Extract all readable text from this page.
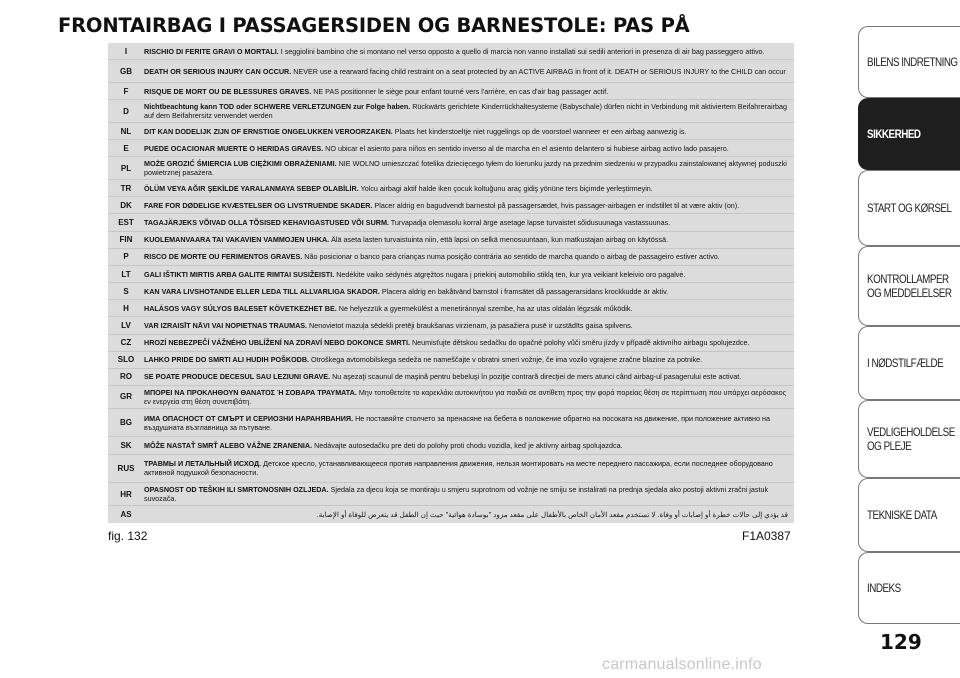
FRONTAIRBAG I PASSAGERSIDEN OG BARNESTOLE: PAS PÅ
I	RISCHIO DI FERITE GRAVI O MORTALI. I seggiolini bambino che si montano nel verso opposto a quello di marcia non vanno installati sui sedili anteriori in presenza di air bag passeggero attivo.
GB	DEATH OR SERIOUS INJURY CAN OCCUR. NEVER use a rearward facing child restraint on a seat protected by an ACTIVE AIRBAG in front of it. DEATH or SERIOUS INJURY to the CHILD can occur
F	RISQUE DE MORT OU DE BLESSURES GRAVES. NE PAS positionner le siège pour enfant tourné vers l'arrière, en cas d'air bag passager actif.
D	Nichtbeachtung kann TOD oder SCHWERE VERLETZUNGEN zur Folge haben. Rückwärts gerichtete Kinderrückhaltesysteme (Babyschale) dürfen nicht in Verbindung mit aktiviertem Beifahrerairbag auf dem Beifahrersitz verwendet werden
NL	DIT KAN DODELIJK ZIJN OF ERNSTIGE ONGELUKKEN VEROORZAKEN. Plaats het kinderstoeltje niet ruggelings op de voorstoel wanneer er een airbag aanwezig is.
E	PUEDE OCACIONAR MUERTE O HERIDAS GRAVES. NO ubicar el asiento para niños en sentido inverso al de marcha en el asiento delantero si hubiese airbag activo lado pasajero.
PL	MOŻE GROZIĆ ŚMIERCIA LUB CIĘŻKIMI OBRAŻENIAMI. NIE WOLNO umieszczać fotelika dziecięcego tyłem do kierunku jazdy na przednim siedzeniu w przypadku zainstalowanej aktywnej poduszki powietrznej pasażera.
TR	ÖLÜM VEYA AĞIR ŞEKİLDE YARALANMAYA SEBEP OLABİLİR. Yolcu airbagi aktif halde iken çocuk koltuğunu araç gidiş yönüne ters biçimde yerleştirmeyin.
DK	FARE FOR DØDELIGE KVÆSTELSER OG LIVSTRUENDE SKADER. Placer aldrig en bagudvendt barnestol på passagersædet, hvis passager-airbagen er indstillet til at være aktiv (on).
EST	TAGAJÄRJEKS VÕIVAD OLLA TÕSISED KEHAVIGASTUSED VÕI SURM. Turvapadja olemasolu korral ärge asetage lapse turvaistet sõidusuunaga vastassuunas.
FIN	KUOLEMANVAARA TAI VAKAVIEN VAMMOJEN UHKA. Älä aseta lasten turvaistuinta niin, että lapsi on selkä menosuuntaan, kun matkustajan airbag on käytössä.
P	RISCO DE MORTE OU FERIMENTOS GRAVES. Não posicionar o banco para crianças numa posição contrária ao sentido de marcha quando o airbag de passageiro estiver activo.
LT	GALI IŠTIKTI MIRTIS ARBA GALITE RIMTAI SUSIŽEISTI. Nedėkite vaiko sėdynės atgręžtos nugara į priekinį automobilio stiklą ten, kur yra veikiant keleivio oro pagalvė.
S	KAN VARA LIVSHOTANDE ELLER LEDA TILL ALLVARLIGA SKADOR. Placera aldrig en bakåtvänd barnstol i framsätet då passagerarsidans krockkudde är aktiv.
H	HALÁSOS VAGY SÚLYOS BALESET KÖVETKEZHET BE. Ne helyezzük a gyermekülést a menetiránnyal szembe, ha az utas oldalán légzsák működik.
LV	VAR IZRAISĪT NĀVI VAI NOPIETNAS TRAUMAS. Nenovietot mazuļa sēdekli pretēji braukšanas virzienam, ja pasažiera pusē ir uzstādīts gaisa spilvens.
CZ	HROZÍ NEBEZPEČÍ VÁŽNÉHO UBLÍŽENÍ NA ZDRAVÍ NEBO DOKONCE SMRTI. Neumisťujte dětskou sedačku do opačné polohy vůči směru jízdy v případě aktivního airbagu spolujezdce.
SLO	LAHKO PRIDE DO SMRTI ALI HUDIH POŠKODB. Otroškega avtomobilskega sedeža ne nameščajte v obratni smeri vožnje, če ima vozilo vgrajene zračne blazine za potnike.
RO	SE POATE PRODUCE DECESUL SAU LEZIUNI GRAVE. Nu aşezaţi scaunul de maşină pentru bebeluşi în poziţie contrară direcţiei de mers atunci când airbag-ul pasagerului este activat.
GR	ΜΠΟΡΕΙ ΝΑ ΠΡΟΚΛΗΘΟΥΝ ΘΑΝΑΤΟΣ Ή ΣΟΒΑΡΑ ΤΡΑΥΜΑΤΑ. Μην τοποθετείτε το καρεκλάκι αυτοκινήτου για παιδιά σε αντίθετη προς την φορά πορείας θέση σε περίπτωση που υπάρχει αερόσακος εν ενεργεία στη θέση συνεπιβάτη.
BG	ИМА ОПАСНОСТ ОТ СМЪРТ И СЕРИОЗНИ НАРАНЯВАНИЯ. Не поставяйте столчето за пренасяне на бебета в положение обратно на посоката на движение, при положение активно на въздушната възглавница за пътуване.
SK	MÔŽE NASTAŤ SMRŤ ALEBO VÁŽNE ZRANENIA. Nedávajte autosedačku pre deti do polohy proti chodu vozidla, keď je aktívny airbag spolujazdca.
RUS	ТРАВМЫ И ЛЕТАЛЬНЫЙ ИСХОД. Детское кресло, устанавливающееся против направления движения, нельзя монтировать на месте переднего пассажира, если последнее оборудовано активной подушкой безопасности.
HR	OPASNOST OD TEŠKIH ILI SMRTONOSNIH OZLJEDA. Sjedala za djecu koja se montiraju u smjeru suprotnom od vožnje ne smiju se instalirati na prednja sjedala ako postoji aktivni zračni jastuk suvozača.
AS	قد يؤدي إلى حالات خطرة أو إصابات أو وفاة. لا تستخدم مقعد الأمان الخاص بالأطفال على مقعد مزود "بوسادة هوائية" حيث إن الطفل قد يتعرض للوفاة أو الإصابة.
fig. 132	F1A0387
BILENS INDRETNING
SIKKERHED
START OG KØRSEL
KONTROLLAMPER
OG MEDDELELSER
I NØDSTILFÆLDE
VEDLIGEHOLDELSE
OG PLEJE
TEKNISKE DATA
INDEKS
129
carmanualsonline.info
